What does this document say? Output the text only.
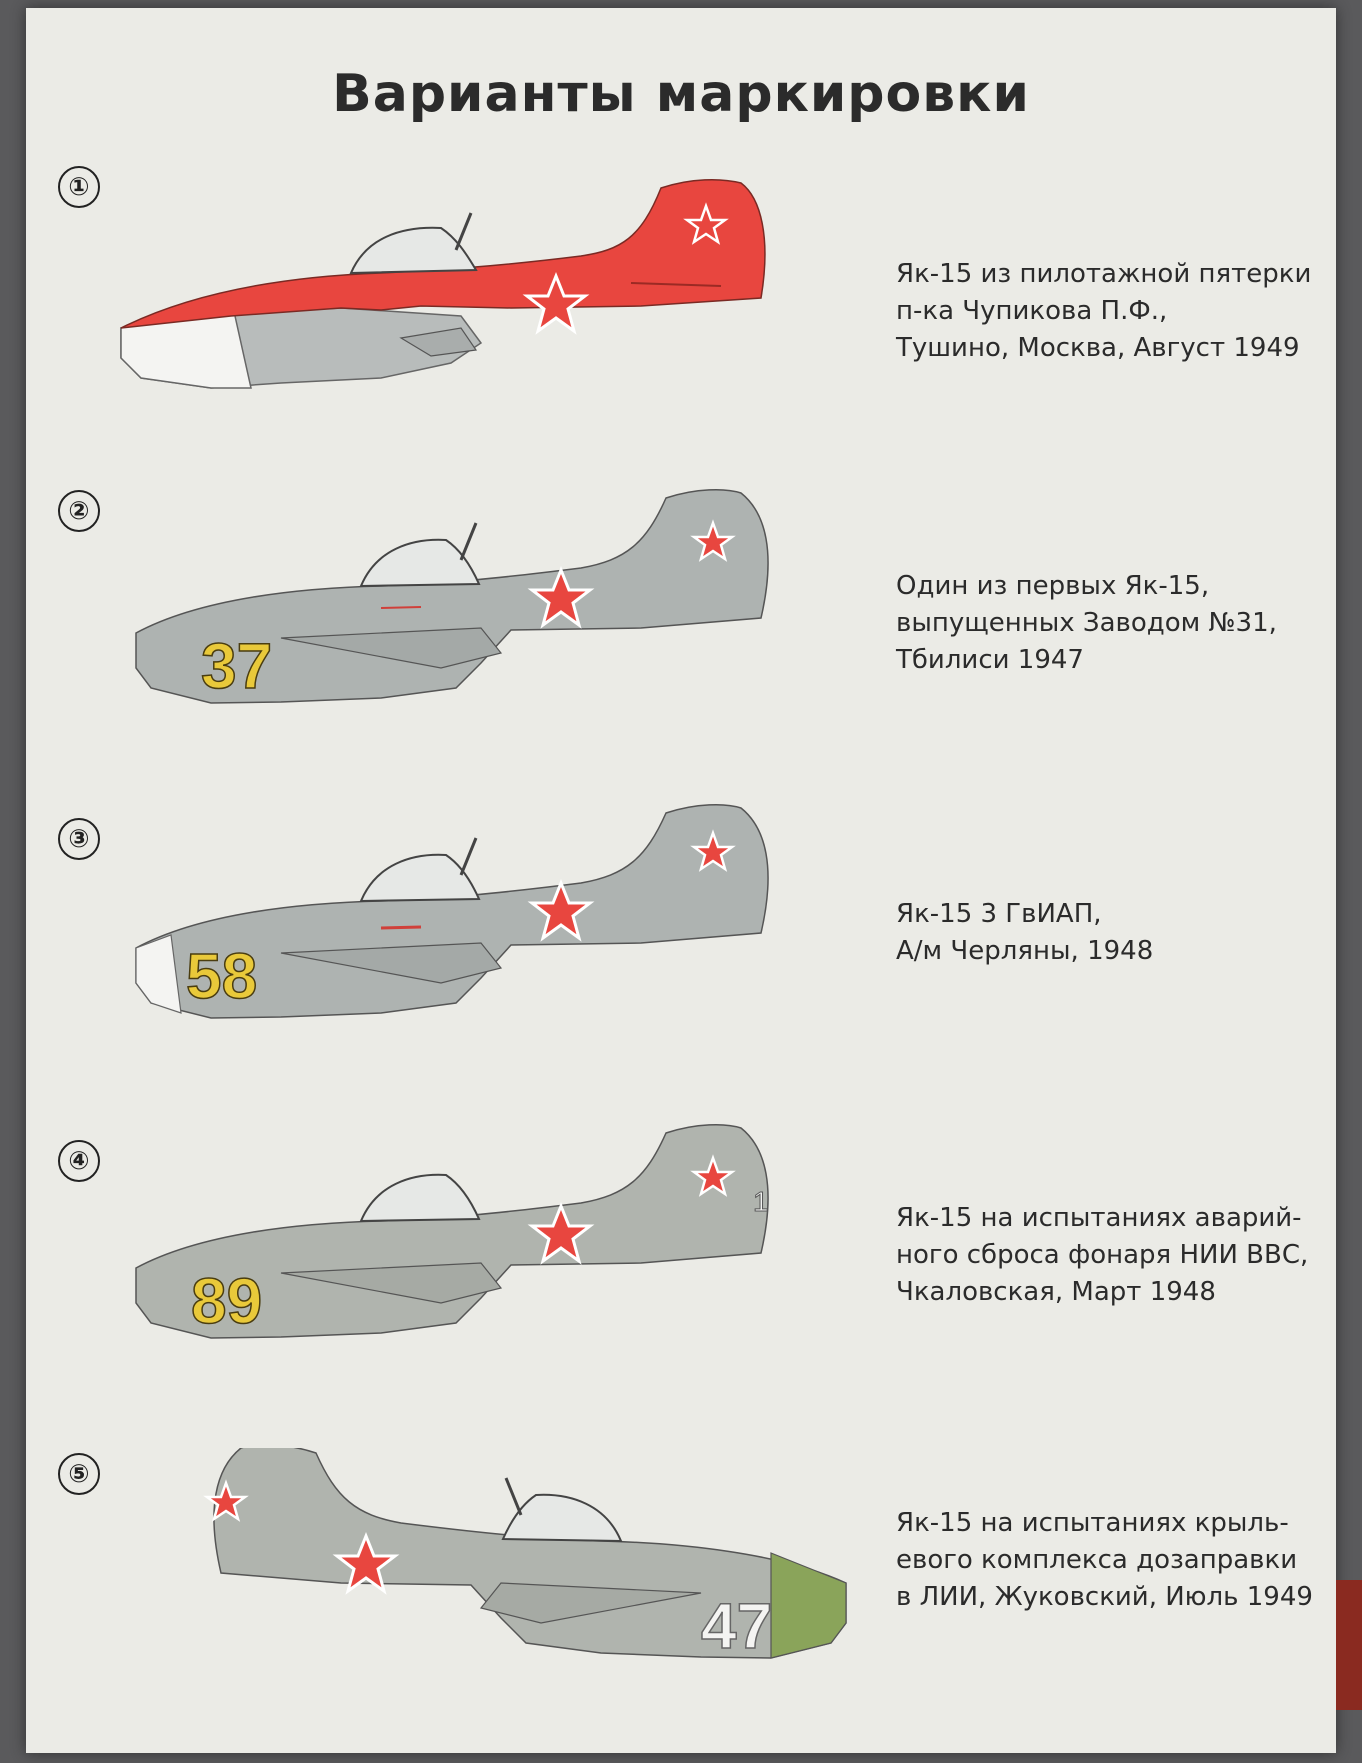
Варианты маркировки
①
Як-15 из пилотажной пятерки
п-ка Чупикова П.Ф.,
Тушино, Москва, Август 1949
②
37
Один из первых Як-15,
выпущенных Заводом №31,
Тбилиси 1947
③
58
Як-15 3 ГвИАП,
А/м Черляны, 1948
④
89
1
Як-15 на испытаниях аварий-
ного сброса фонаря НИИ ВВС,
Чкаловская, Март 1948
⑤
47
Як-15 на испытаниях крыль-
евого комплекса дозаправки
в ЛИИ, Жуковский, Июль 1949
